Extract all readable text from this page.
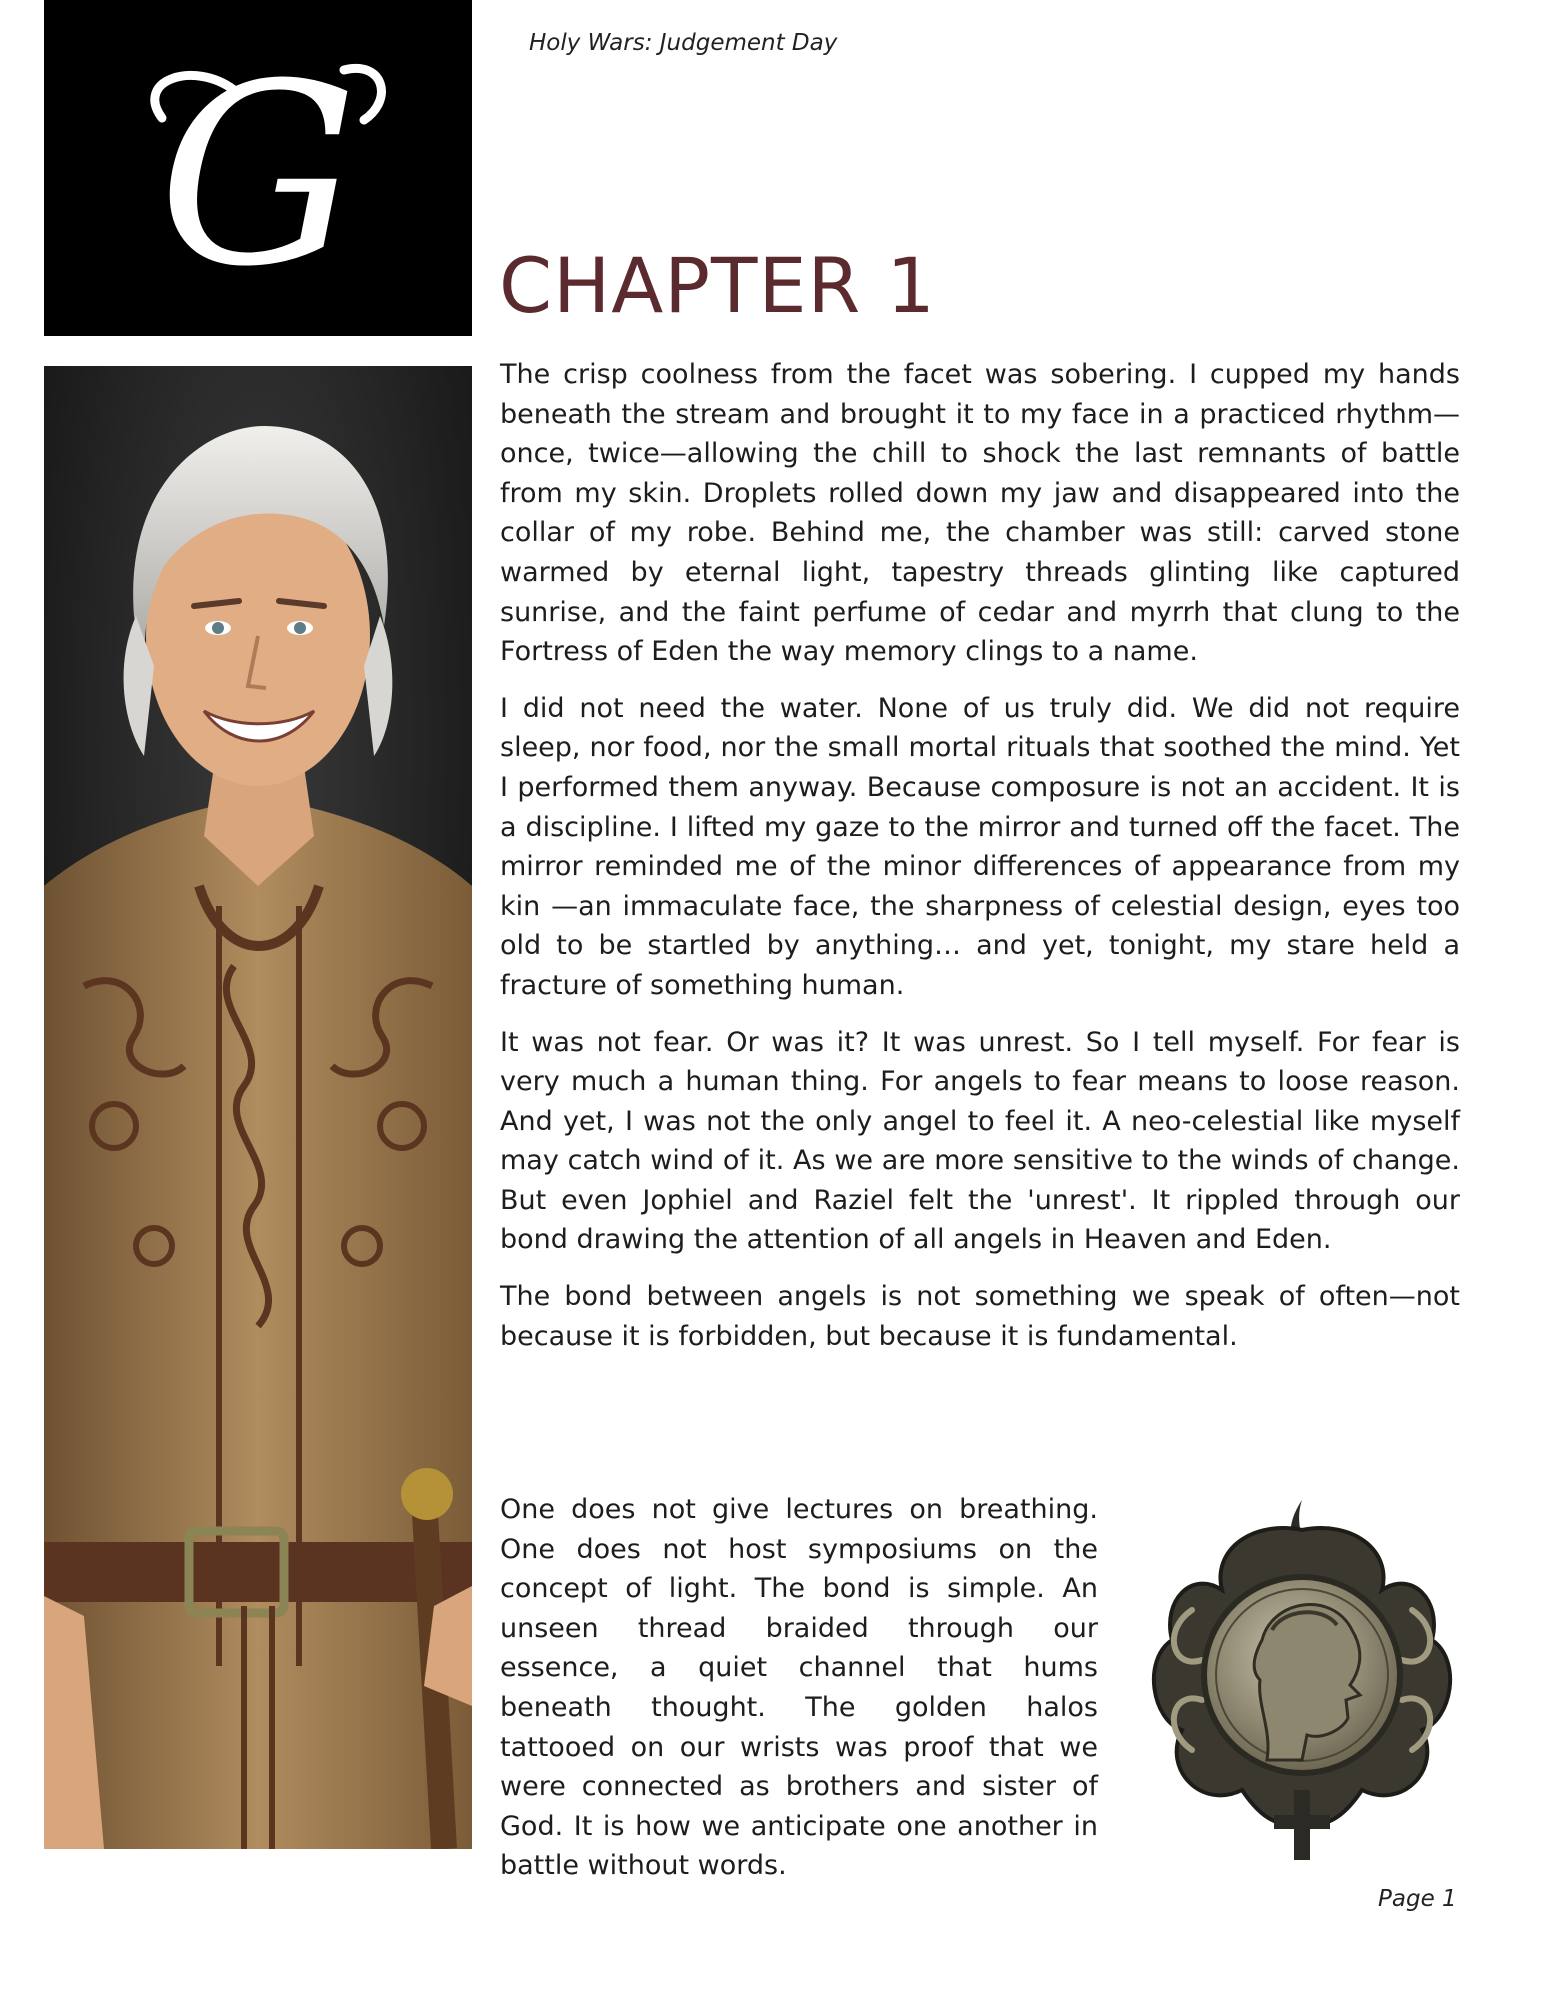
G	Holy Wars: Judgement Day
CHAPTER 1

The crisp coolness from the facet was sobering. I cupped my hands beneath the stream and brought it to my face in a practiced rhythm—once, twice—allowing the chill to shock the last remnants of battle from my skin. Droplets rolled down my jaw and disappeared into the collar of my robe. Behind me, the chamber was still: carved stone warmed by eternal light, tapestry threads glinting like captured sunrise, and the faint perfume of cedar and myrrh that clung to the Fortress of Eden the way memory clings to a name.

I did not need the water. None of us truly did. We did not require sleep, nor food, nor the small mortal rituals that soothed the mind. Yet I performed them anyway. Because composure is not an accident. It is a discipline. I lifted my gaze to the mirror and turned off the facet. The mirror reminded me of the minor differences of appearance from my kin —an immaculate face, the sharpness of celestial design, eyes too old to be startled by anything… and yet, tonight, my stare held a fracture of something human.

It was not fear. Or was it? It was unrest. So I tell myself. For fear is very much a human thing. For angels to fear means to loose reason. And yet, I was not the only angel to feel it. A neo-celestial like myself may catch wind of it. As we are more sensitive to the winds of change. But even Jophiel and Raziel felt the 'unrest'. It rippled through our bond drawing the attention of all angels in Heaven and Eden.

The bond between angels is not something we speak of often—not because it is forbidden, but because it is fundamental.

One does not give lectures on breathing. One does not host symposiums on the concept of light. The bond is simple. An unseen thread braided through our essence, a quiet channel that hums beneath thought. The golden halos tattooed on our wrists was proof that we were connected as brothers and sister of God. It is how we anticipate one another in battle without words.

Page 1
